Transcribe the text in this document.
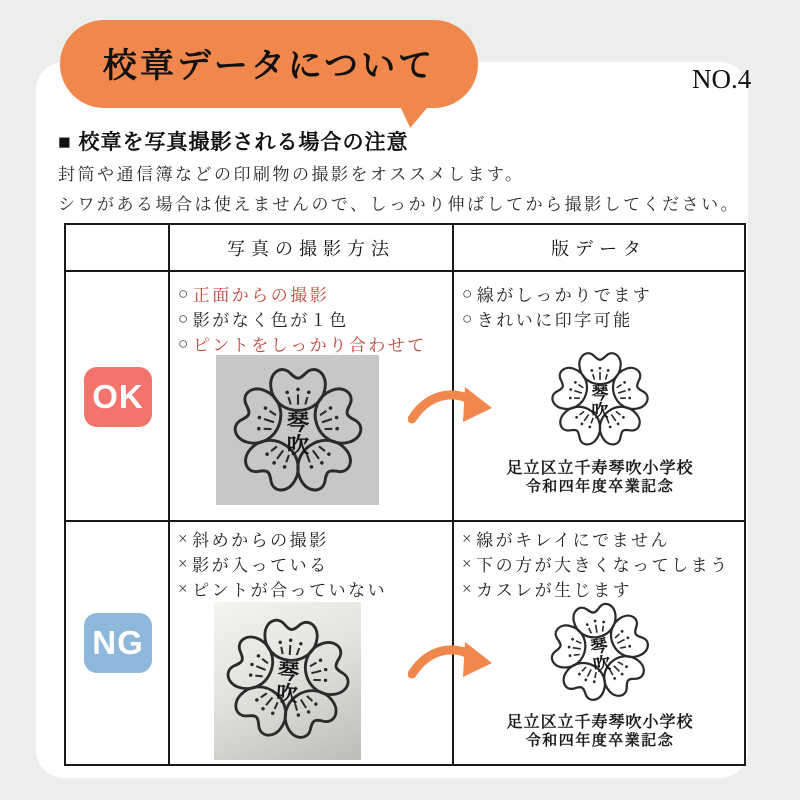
校章データについて	NO.4
■ 校章を写真撮影される場合の注意
封筒や通信簿などの印刷物の撮影をオススメします。
シワがある場合は使えませんので、しっかり伸ばしてから撮影してください。
写真の撮影方法	版データ
OK
○ 正面からの撮影
○ 影がなく色が１色
○ ピントをしっかり合わせて
○ 線がしっかりでます
○ きれいに印字可能
足立区立千寿琴吹小学校
令和四年度卒業記念
NG
× 斜めからの撮影
× 影が入っている
× ピントが合っていない
× 線がキレイにでません
× 下の方が大きくなってしまう
× カスレが生じます
足立区立千寿琴吹小学校
令和四年度卒業記念
